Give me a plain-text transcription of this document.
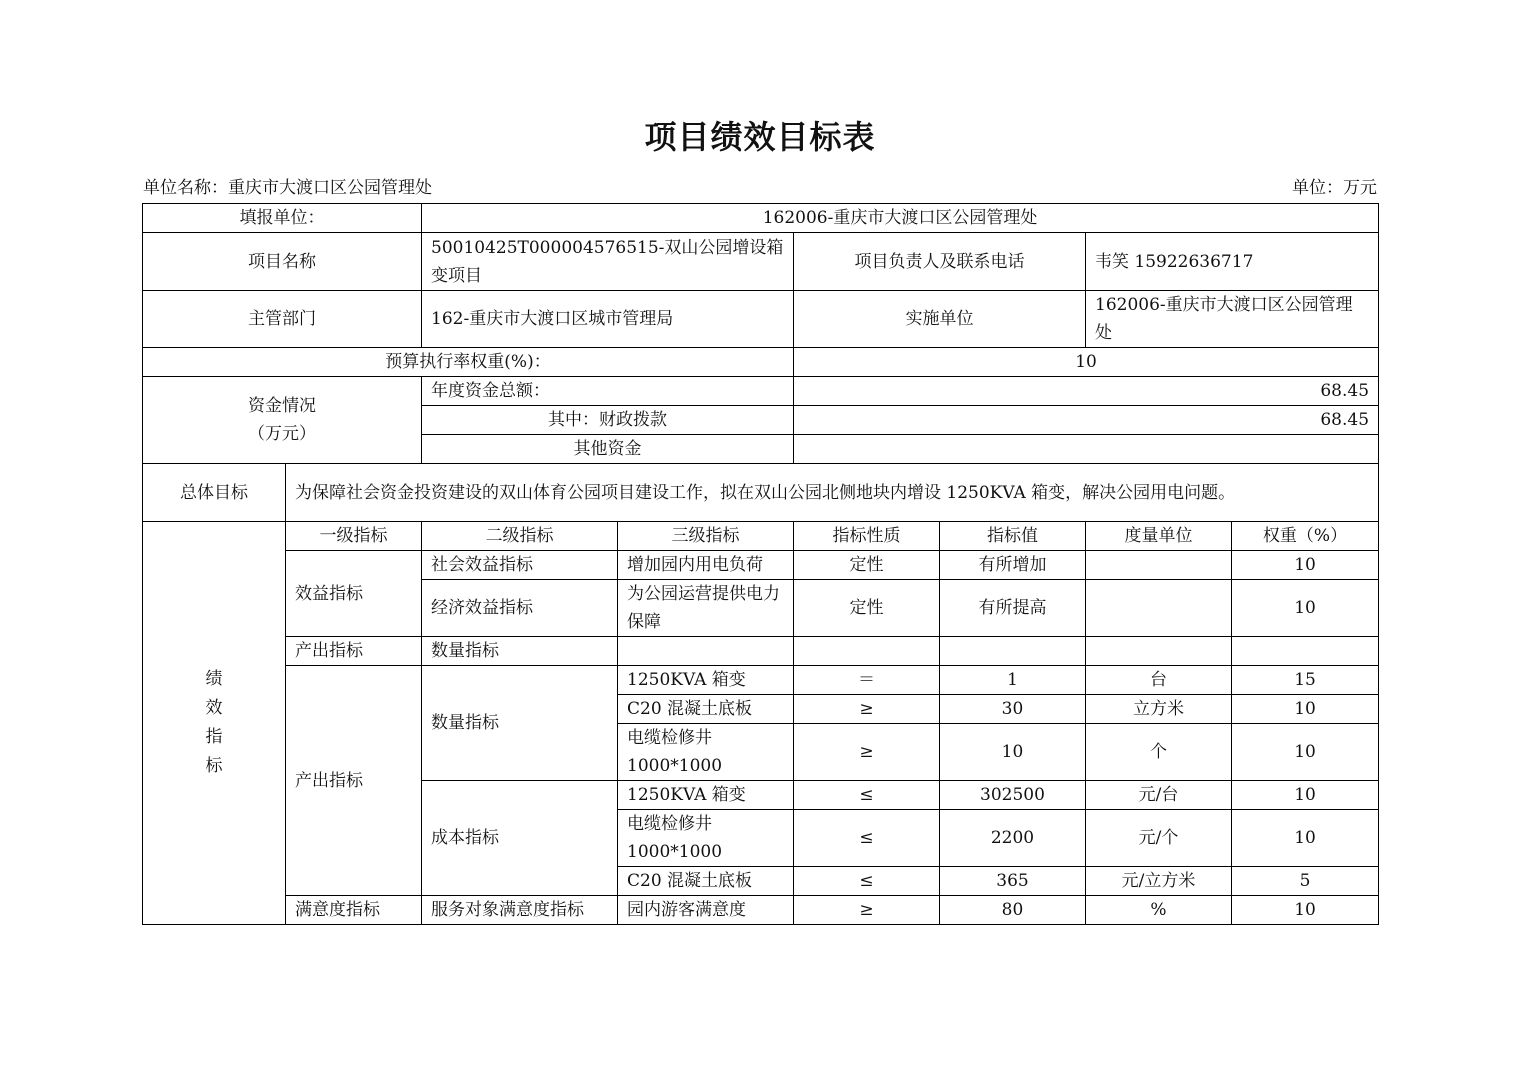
项目绩效目标表
单位名称：重庆市大渡口区公园管理处	单位：万元
填报单位：		162006-重庆市大渡口区公园管理处					
项目名称		50010425T000004576515-双山公园增设箱变项目		项目负责人及联系电话		韦笑 15922636717	
主管部门		162-重庆市大渡口区城市管理局		实施单位		162006-重庆市大渡口区公园管理处	
预算执行率权重(%)：				10			

资金情况
（万元）		年度资金总额：		68.45			
		其中：财政拨款		68.45			
		其他资金					
总体目标	为保障社会资金投资建设的双山体育公园项目建设工作，拟在双山公园北侧地块内增设 1250KVA 箱变，解决公园用电问题。						

绩
效
指
标	一级指标	二级指标	三级指标	指标性质	指标值	度量单位	权重（%）
	效益指标	社会效益指标	增加园内用电负荷	定性	有所增加		10
		经济效益指标	为公园运营提供电力保障	定性	有所提高		10
	产出指标	数量指标					
	产出指标	数量指标	1250KVA 箱变	＝	1	台	15
			C20 混凝土底板	≥	30	立方米	10
			电缆检修井1000*1000	≥	10	个	10
		成本指标	1250KVA 箱变	≤	302500	元/台	10
			电缆检修井1000*1000	≤	2200	元/个	10
			C20 混凝土底板	≤	365	元/立方米	5
	满意度指标	服务对象满意度指标	园内游客满意度	≥	80	%	10
